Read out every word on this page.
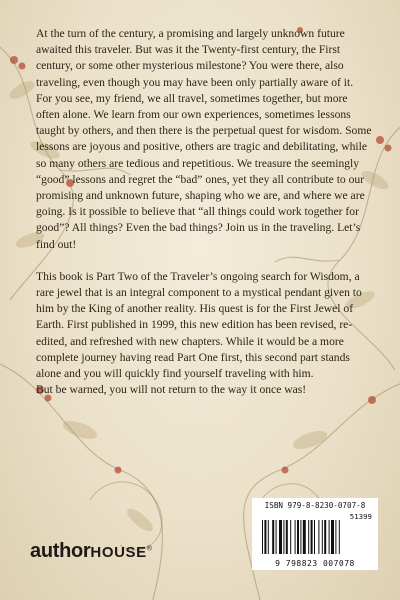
At the turn of the century, a promising and largely unknown future awaited this traveler. But was it the Twenty-first century, the First century, or some other mysterious milestone? You were there, also traveling, even though you may have been only partially aware of it. For you see, my friend, we all travel, sometimes together, but more often alone. We learn from our own experiences, sometimes lessons taught by others, and then there is the perpetual quest for wisdom. Some lessons are joyous and positive, others are tragic and debilitating, while so many others are tedious and repetitious. We treasure the seemingly “good” lessons and regret the “bad” ones, yet they all contribute to our promising and unknown future, shaping who we are, and where we are going. Is it possible to believe that “all things could work together for good”? All things? Even the bad things? Join us in the traveling. Let’s find out!

This book is Part Two of the Traveler’s ongoing search for Wisdom, a rare jewel that is an integral component to a mystical pendant given to him by the King of another reality. His quest is for the First Jewel of Earth. First published in 1999, this new edition has been revised, re-edited, and refreshed with new chapters. While it would be a more complete journey having read Part One first, this second part stands alone and you will quickly find yourself traveling with him.

But be warned, you will not return to the way it once was!

authorHOUSE®
ISBN 979-8-8230-0707-8
51399
9 798823 007078
